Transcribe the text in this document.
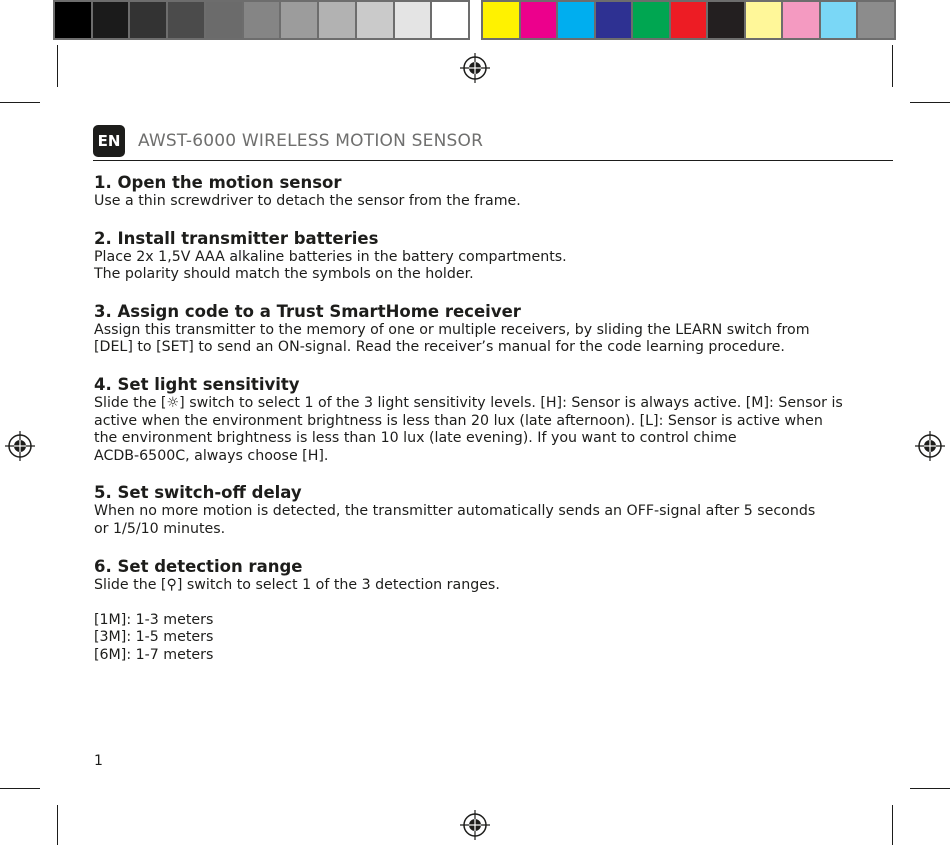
EN AWST-6000 WIRELESS MOTION SENSOR
1. Open the motion sensor

Use a thin screwdriver to detach the sensor from the frame.

2. Install transmitter batteries

Place 2x 1,5V AAA alkaline batteries in the battery compartments.

The polarity should match the symbols on the holder.

3. Assign code to a Trust SmartHome receiver

Assign this transmitter to the memory of one or multiple receivers, by sliding the LEARN switch from

[DEL] to [SET] to send an ON-signal. Read the receiver’s manual for the code learning procedure.

4. Set light sensitivity

Slide the [☼] switch to select 1 of the 3 light sensitivity levels. [H]: Sensor is always active. [M]: Sensor is

active when the environment brightness is less than 20 lux (late afternoon). [L]: Sensor is active when

the environment brightness is less than 10 lux (late evening). If you want to control chime

ACDB-6500C, always choose [H].

5. Set switch-off delay

When no more motion is detected, the transmitter automatically sends an OFF-signal after 5 seconds

or 1/5/10 minutes.

6. Set detection range

Slide the [⚲] switch to select 1 of the 3 detection ranges.

[1M]: 1-3 meters

[3M]: 1-5 meters

[6M]: 1-7 meters

1
